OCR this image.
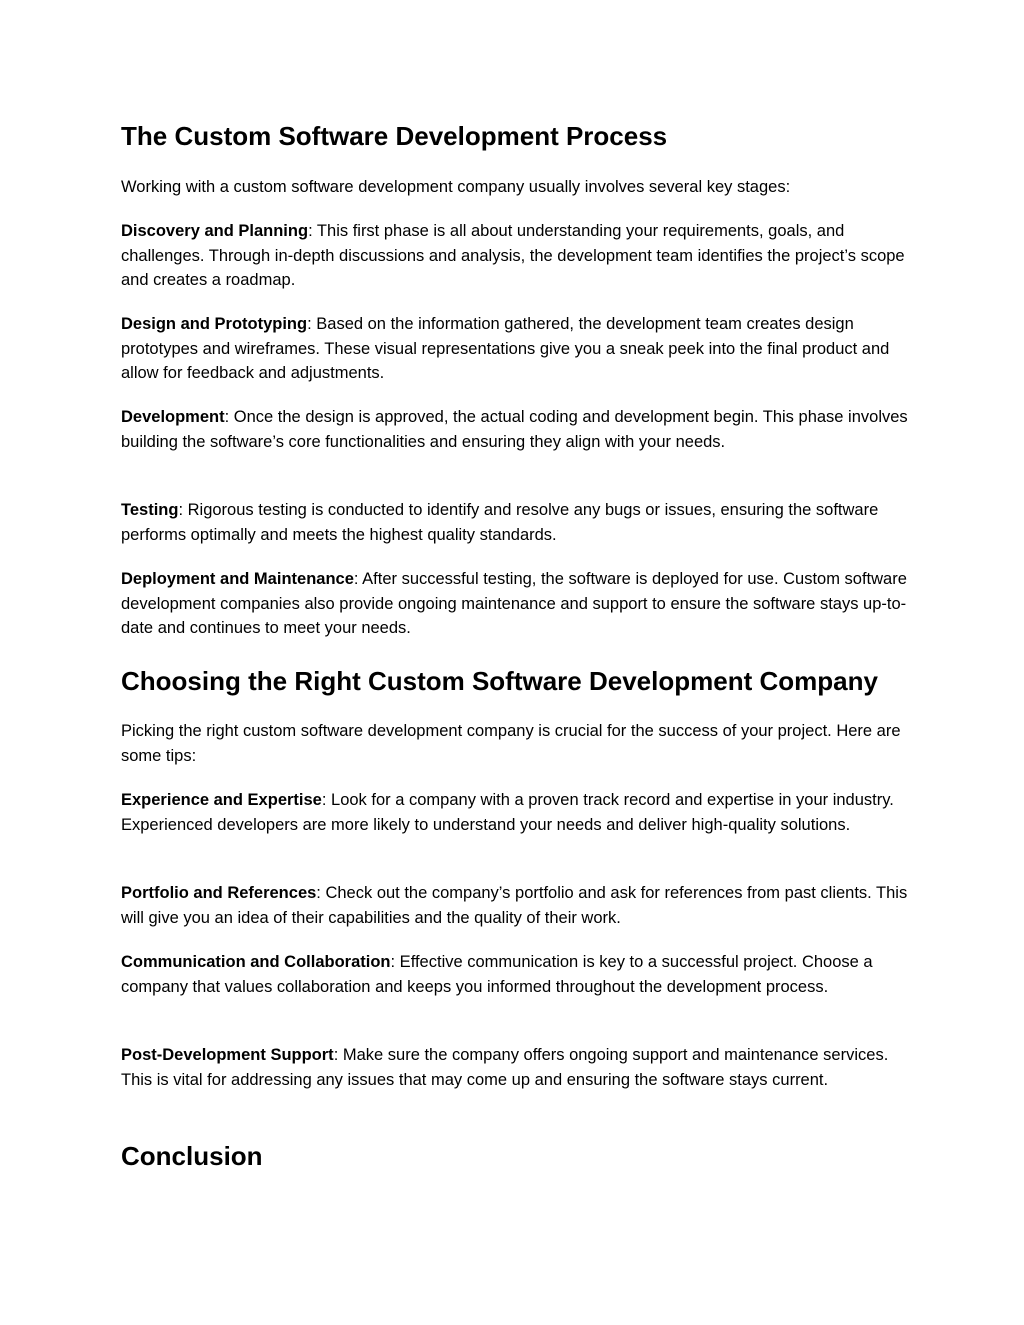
The Custom Software Development Process

Working with a custom software development company usually involves several key stages:

Discovery and Planning: This first phase is all about understanding your requirements, goals, and challenges. Through in-depth discussions and analysis, the development team identifies the project’s scope and creates a roadmap.

Design and Prototyping: Based on the information gathered, the development team creates design prototypes and wireframes. These visual representations give you a sneak peek into the final product and allow for feedback and adjustments.

Development: Once the design is approved, the actual coding and development begin. This phase involves building the software’s core functionalities and ensuring they align with your needs.

Testing: Rigorous testing is conducted to identify and resolve any bugs or issues, ensuring the software performs optimally and meets the highest quality standards.

Deployment and Maintenance: After successful testing, the software is deployed for use. Custom software development companies also provide ongoing maintenance and support to ensure the software stays up-to-date and continues to meet your needs.

Choosing the Right Custom Software Development Company

Picking the right custom software development company is crucial for the success of your project. Here are some tips:

Experience and Expertise: Look for a company with a proven track record and expertise in your industry. Experienced developers are more likely to understand your needs and deliver high-quality solutions.

Portfolio and References: Check out the company’s portfolio and ask for references from past clients. This will give you an idea of their capabilities and the quality of their work.

Communication and Collaboration: Effective communication is key to a successful project. Choose a company that values collaboration and keeps you informed throughout the development process.

Post-Development Support: Make sure the company offers ongoing support and maintenance services. This is vital for addressing any issues that may come up and ensuring the software stays current.

Conclusion
